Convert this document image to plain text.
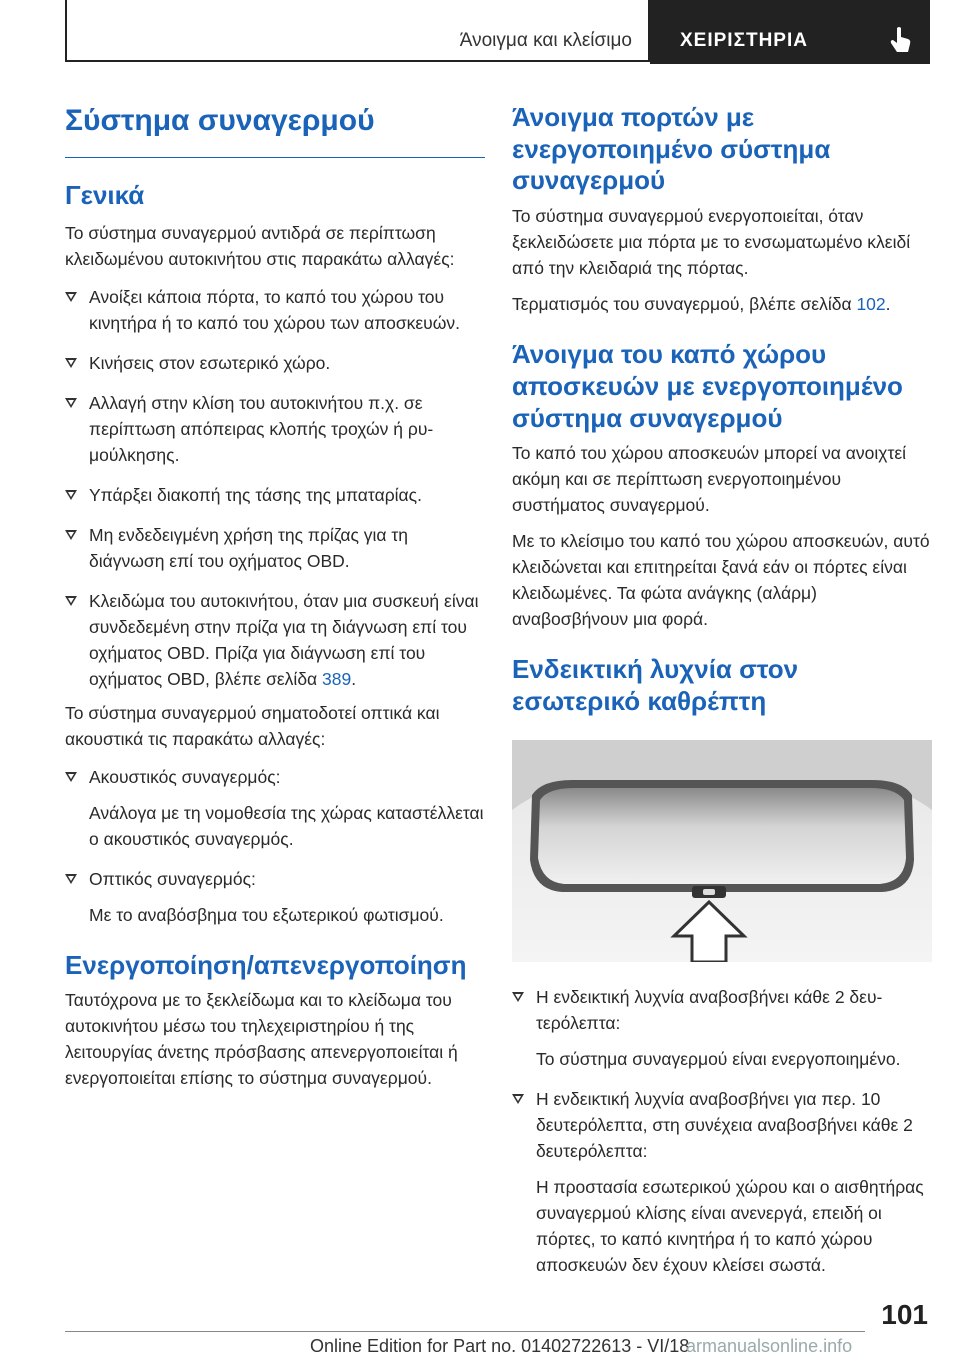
Άνοιγμα και κλείσιμο	ΧΕΙΡΙΣΤΗΡΙΑ
Σύστημα συναγερμού
Γενικά

Το σύστημα συναγερμού αντιδρά σε περίπτωση κλειδωμένου αυτοκινήτου στις παρακάτω αλλαγές:

Ανοίξει κάποια πόρτα, το καπό του χώρου του κινητήρα ή το καπό του χώρου των αποσκευών.
Κινήσεις στον εσωτερικό χώρο.
Αλλαγή στην κλίση του αυτοκινήτου π.χ. σε περίπτωση απόπειρας κλοπής τροχών ή ρυμούλκησης.
Υπάρξει διακοπή της τάσης της μπαταρίας.
Μη ενδεδειγμένη χρήση της πρίζας για τη διάγνωση επί του οχήματος OBD.
Κλειδώμα του αυτοκινήτου, όταν μια συσκευή είναι συνδεδεμένη στην πρίζα για τη διάγνωση επί του οχήματος OBD. Πρίζα για διάγνωση επί του οχήματος OBD, βλέπε σελίδα 389.

Το σύστημα συναγερμού σηματοδοτεί οπτικά και ακουστικά τις παρακάτω αλλαγές:

Ακουστικός συναγερμός:
Ανάλογα με τη νομοθεσία της χώρας καταστέλλεται ο ακουστικός συναγερμός.
Οπτικός συναγερμός:
Με το αναβόσβημα του εξωτερικού φωτισμού.
Ενεργοποίηση/απενεργοποίηση

Ταυτόχρονα με το ξεκλείδωμα και το κλείδωμα του αυτοκινήτου μέσω του τηλεχειριστηρίου ή της λειτουργίας άνετης πρόσβασης απενεργοποιείται ή ενεργοποιείται επίσης το σύστημα συναγερμού.

Άνοιγμα πορτών με ενεργοποιημένο σύστημα συναγερμού

Το σύστημα συναγερμού ενεργοποιείται, όταν ξεκλειδώσετε μια πόρτα με το ενσωματωμένο κλειδί από την κλειδαριά της πόρτας.

Τερματισμός του συναγερμού, βλέπε σελίδα 102.

Άνοιγμα του καπό χώρου αποσκευών με ενεργοποιημένο σύστημα συναγερμού

Το καπό του χώρου αποσκευών μπορεί να ανοιχτεί ακόμη και σε περίπτωση ενεργοποιημένου συστήματος συναγερμού.

Με το κλείσιμο του καπό του χώρου αποσκευών, αυτό κλειδώνεται και επιτηρείται ξανά εάν οι πόρτες είναι κλειδωμένες. Τα φώτα ανάγκης (αλάρμ) αναβοσβήνουν μια φορά.

Ενδεικτική λυχνία στον εσωτερικό καθρέπτη
Η ενδεικτική λυχνία αναβοσβήνει κάθε 2 δευτερόλεπτα:
Το σύστημα συναγερμού είναι ενεργοποιημένο.
Η ενδεικτική λυχνία αναβοσβήνει για περ. 10 δευτερόλεπτα, στη συνέχεια αναβοσβήνει κάθε 2 δευτερόλεπτα:
Η προστασία εσωτερικού χώρου και ο αισθητήρας συναγερμού κλίσης είναι ανενεργά, επειδή οι πόρτες, το καπό κινητήρα ή το καπό χώρου αποσκευών δεν έχουν κλείσει σωστά.
101
Online Edition for Part no. 01402722613 - VI/18
armanualsonline.info
